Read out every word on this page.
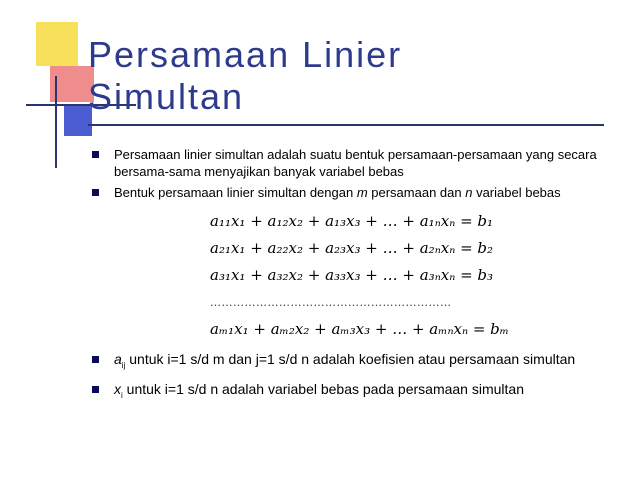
Persamaan Linier
Simultan
Persamaan linier simultan adalah suatu bentuk persamaan-persamaan yang secara bersama-sama menyajikan banyak variabel bebas
Bentuk persamaan linier simultan dengan m persamaan dan n variabel bebas
a₁₁x₁ + a₁₂x₂ + a₁₃x₃ + … + a₁ₙxₙ = b₁
a₂₁x₁ + a₂₂x₂ + a₂₃x₃ + … + a₂ₙxₙ = b₂
a₃₁x₁ + a₃₂x₂ + a₃₃x₃ + … + a₃ₙxₙ = b₃
………………………………………………………
aₘ₁x₁ + aₘ₂x₂ + aₘ₃x₃ + … + aₘₙxₙ = bₘ
$a_{ij}$ untuk i=1 s/d m dan j=1 s/d n adalah koefisien atau persamaan simultan
$x_i$ untuk i=1 s/d n adalah variabel bebas pada persamaan simultan
